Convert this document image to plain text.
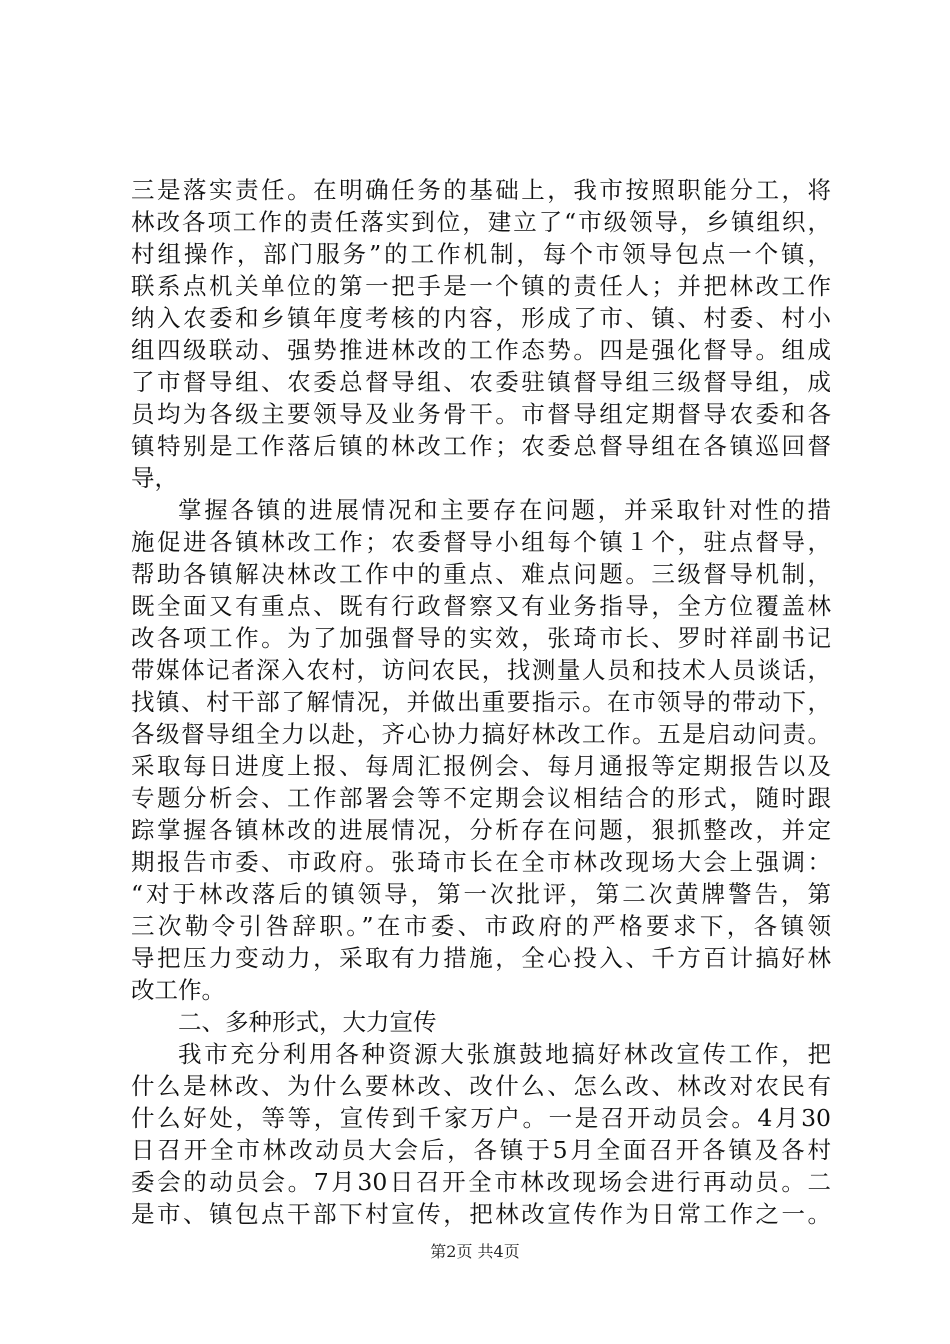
三是落实责任。在明确任务的基础上，我市按照职能分工，将
林改各项工作的责任落实到位，建立了“市级领导，乡镇组织，
村组操作，部门服务”的工作机制，每个市领导包点一个镇，
联系点机关单位的第一把手是一个镇的责任人；并把林改工作
纳入农委和乡镇年度考核的内容，形成了市、镇、村委、村小
组四级联动、强势推进林改的工作态势。四是强化督导。组成
了市督导组、农委总督导组、农委驻镇督导组三级督导组，成
员均为各级主要领导及业务骨干。市督导组定期督导农委和各
镇特别是工作落后镇的林改工作；农委总督导组在各镇巡回督
导，
掌握各镇的进展情况和主要存在问题，并采取针对性的措
施促进各镇林改工作；农委督导小组每个镇１个，驻点督导，
帮助各镇解决林改工作中的重点、难点问题。三级督导机制，
既全面又有重点、既有行政督察又有业务指导，全方位覆盖林
改各项工作。为了加强督导的实效，张琦市长、罗时祥副书记
带媒体记者深入农村，访问农民，找测量人员和技术人员谈话，
找镇、村干部了解情况，并做出重要指示。在市领导的带动下，
各级督导组全力以赴，齐心协力搞好林改工作。五是启动问责。
采取每日进度上报、每周汇报例会、每月通报等定期报告以及
专题分析会、工作部署会等不定期会议相结合的形式，随时跟
踪掌握各镇林改的进展情况，分析存在问题，狠抓整改，并定
期报告市委、市政府。张琦市长在全市林改现场大会上强调：
“对于林改落后的镇领导，第一次批评，第二次黄牌警告，第
三次勒令引咎辞职。”在市委、市政府的严格要求下，各镇领
导把压力变动力，采取有力措施，全心投入、千方百计搞好林
改工作。
二、多种形式，大力宣传
我市充分利用各种资源大张旗鼓地搞好林改宣传工作，把
什么是林改、为什么要林改、改什么、怎么改、林改对农民有
什么好处，等等，宣传到千家万户。一是召开动员会。4月30
日召开全市林改动员大会后，各镇于5月全面召开各镇及各村
委会的动员会。7月30日召开全市林改现场会进行再动员。二
是市、镇包点干部下村宣传，把林改宣传作为日常工作之一。
第2页 共4页
